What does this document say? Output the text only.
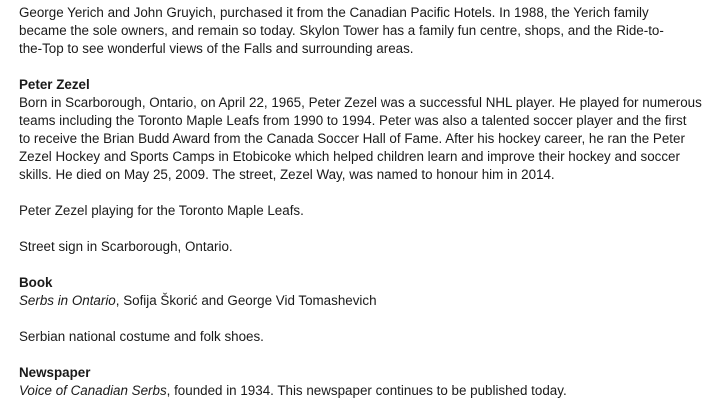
George Yerich and John Gruyich, purchased it from the Canadian Pacific Hotels. In 1988, the Yerich family
became the sole owners, and remain so today. Skylon Tower has a family fun centre, shops, and the Ride-to-
the-Top to see wonderful views of the Falls and surrounding areas.
Peter Zezel
Born in Scarborough, Ontario, on April 22, 1965, Peter Zezel was a successful NHL player. He played for numerous
teams including the Toronto Maple Leafs from 1990 to 1994. Peter was also a talented soccer player and the first
to receive the Brian Budd Award from the Canada Soccer Hall of Fame. After his hockey career, he ran the Peter
Zezel Hockey and Sports Camps in Etobicoke which helped children learn and improve their hockey and soccer
skills. He died on May 25, 2009. The street, Zezel Way, was named to honour him in 2014.
Peter Zezel playing for the Toronto Maple Leafs.
Street sign in Scarborough, Ontario.
Book
Serbs in Ontario, Sofija Škorić and George Vid Tomashevich
Serbian national costume and folk shoes.
Newspaper
Voice of Canadian Serbs, founded in 1934. This newspaper continues to be published today.
